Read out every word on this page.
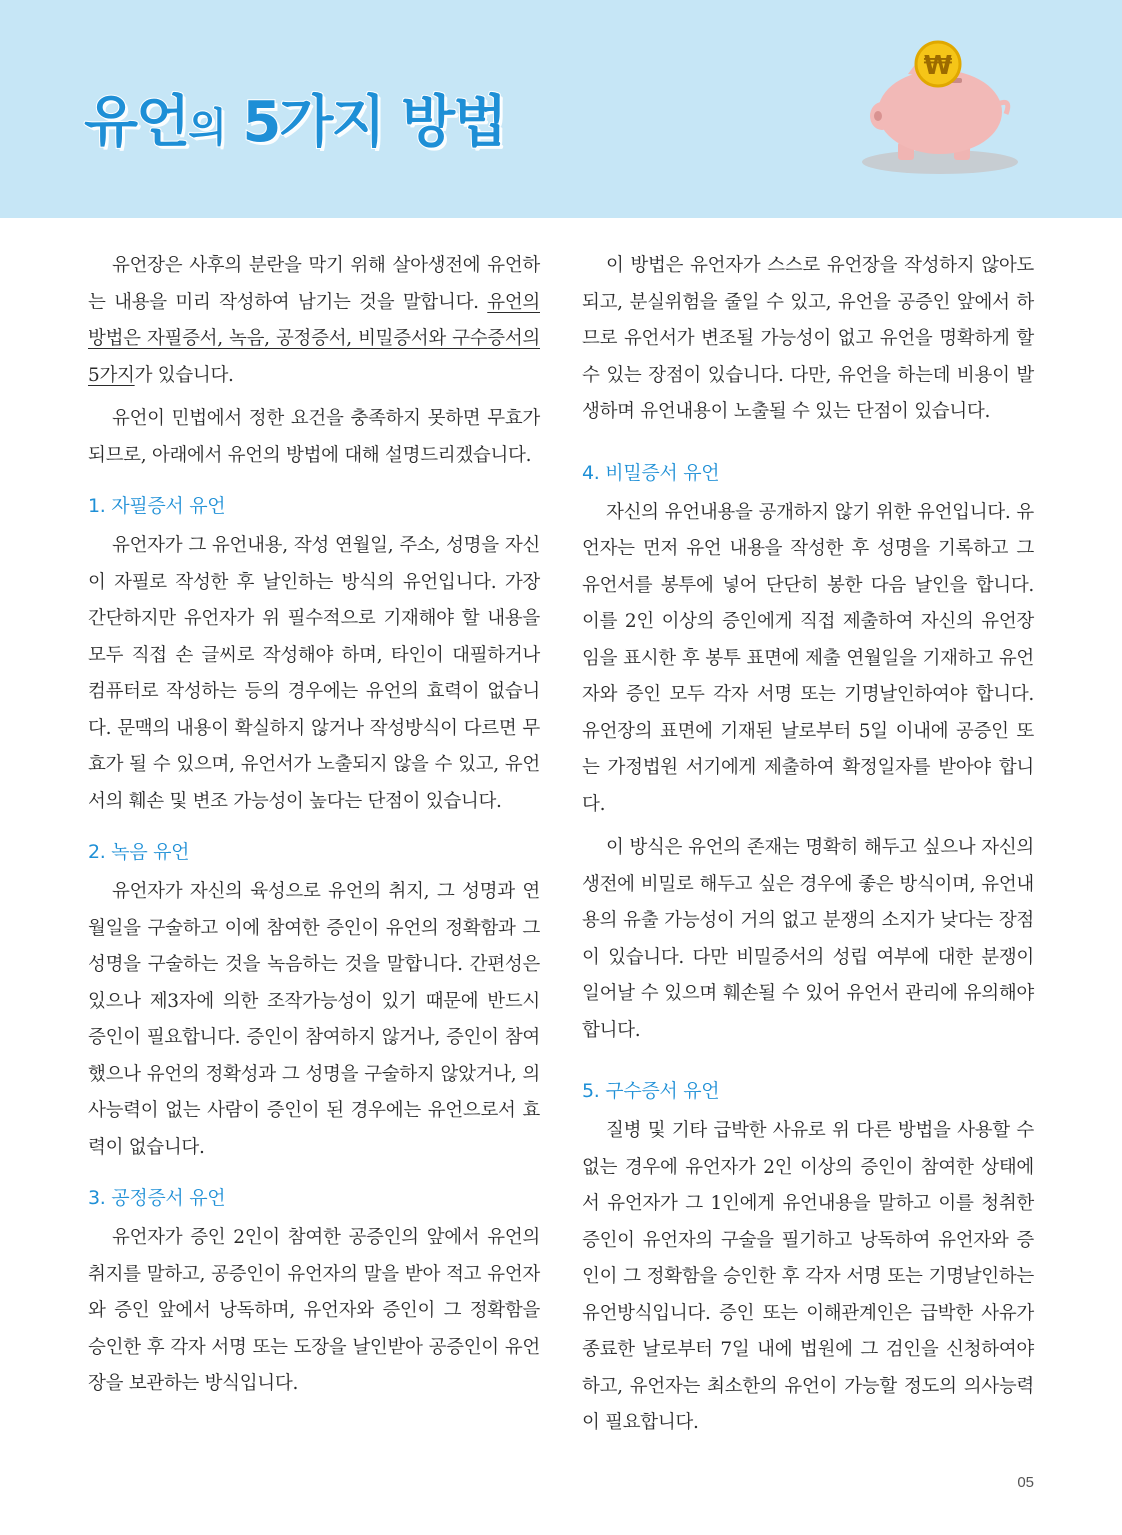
유언의 5가지 방법
₩

유언장은 사후의 분란을 막기 위해 살아생전에 유언하는 내용을 미리 작성하여 남기는 것을 말합니다. 유언의 방법은 자필증서, 녹음, 공정증서, 비밀증서와 구수증서의 5가지가 있습니다.

유언이 민법에서 정한 요건을 충족하지 못하면 무효가 되므로, 아래에서 유언의 방법에 대해 설명드리겠습니다.

1. 자필증서 유언

유언자가 그 유언내용, 작성 연월일, 주소, 성명을 자신이 자필로 작성한 후 날인하는 방식의 유언입니다. 가장 간단하지만 유언자가 위 필수적으로 기재해야 할 내용을 모두 직접 손 글씨로 작성해야 하며, 타인이 대필하거나 컴퓨터로 작성하는 등의 경우에는 유언의 효력이 없습니다. 문맥의 내용이 확실하지 않거나 작성방식이 다르면 무효가 될 수 있으며, 유언서가 노출되지 않을 수 있고, 유언서의 훼손 및 변조 가능성이 높다는 단점이 있습니다.

2. 녹음 유언

유언자가 자신의 육성으로 유언의 취지, 그 성명과 연월일을 구술하고 이에 참여한 증인이 유언의 정확함과 그 성명을 구술하는 것을 녹음하는 것을 말합니다. 간편성은 있으나 제3자에 의한 조작가능성이 있기 때문에 반드시 증인이 필요합니다. 증인이 참여하지 않거나, 증인이 참여했으나 유언의 정확성과 그 성명을 구술하지 않았거나, 의사능력이 없는 사람이 증인이 된 경우에는 유언으로서 효력이 없습니다.

3. 공정증서 유언

유언자가 증인 2인이 참여한 공증인의 앞에서 유언의 취지를 말하고, 공증인이 유언자의 말을 받아 적고 유언자와 증인 앞에서 낭독하며, 유언자와 증인이 그 정확함을 승인한 후 각자 서명 또는 도장을 날인받아 공증인이 유언장을 보관하는 방식입니다.

이 방법은 유언자가 스스로 유언장을 작성하지 않아도 되고, 분실위험을 줄일 수 있고, 유언을 공증인 앞에서 하므로 유언서가 변조될 가능성이 없고 유언을 명확하게 할 수 있는 장점이 있습니다. 다만, 유언을 하는데 비용이 발생하며 유언내용이 노출될 수 있는 단점이 있습니다.

4. 비밀증서 유언

자신의 유언내용을 공개하지 않기 위한 유언입니다. 유언자는 먼저 유언 내용을 작성한 후 성명을 기록하고 그 유언서를 봉투에 넣어 단단히 봉한 다음 날인을 합니다. 이를 2인 이상의 증인에게 직접 제출하여 자신의 유언장임을 표시한 후 봉투 표면에 제출 연월일을 기재하고 유언자와 증인 모두 각자 서명 또는 기명날인하여야 합니다. 유언장의 표면에 기재된 날로부터 5일 이내에 공증인 또는 가정법원 서기에게 제출하여 확정일자를 받아야 합니다.

이 방식은 유언의 존재는 명확히 해두고 싶으나 자신의 생전에 비밀로 해두고 싶은 경우에 좋은 방식이며, 유언내용의 유출 가능성이 거의 없고 분쟁의 소지가 낮다는 장점이 있습니다. 다만 비밀증서의 성립 여부에 대한 분쟁이 일어날 수 있으며 훼손될 수 있어 유언서 관리에 유의해야 합니다.

5. 구수증서 유언

질병 및 기타 급박한 사유로 위 다른 방법을 사용할 수 없는 경우에 유언자가 2인 이상의 증인이 참여한 상태에서 유언자가 그 1인에게 유언내용을 말하고 이를 청취한 증인이 유언자의 구술을 필기하고 낭독하여 유언자와 증인이 그 정확함을 승인한 후 각자 서명 또는 기명날인하는 유언방식입니다. 증인 또는 이해관계인은 급박한 사유가 종료한 날로부터 7일 내에 법원에 그 검인을 신청하여야 하고, 유언자는 최소한의 유언이 가능할 정도의 의사능력이 필요합니다.

05
